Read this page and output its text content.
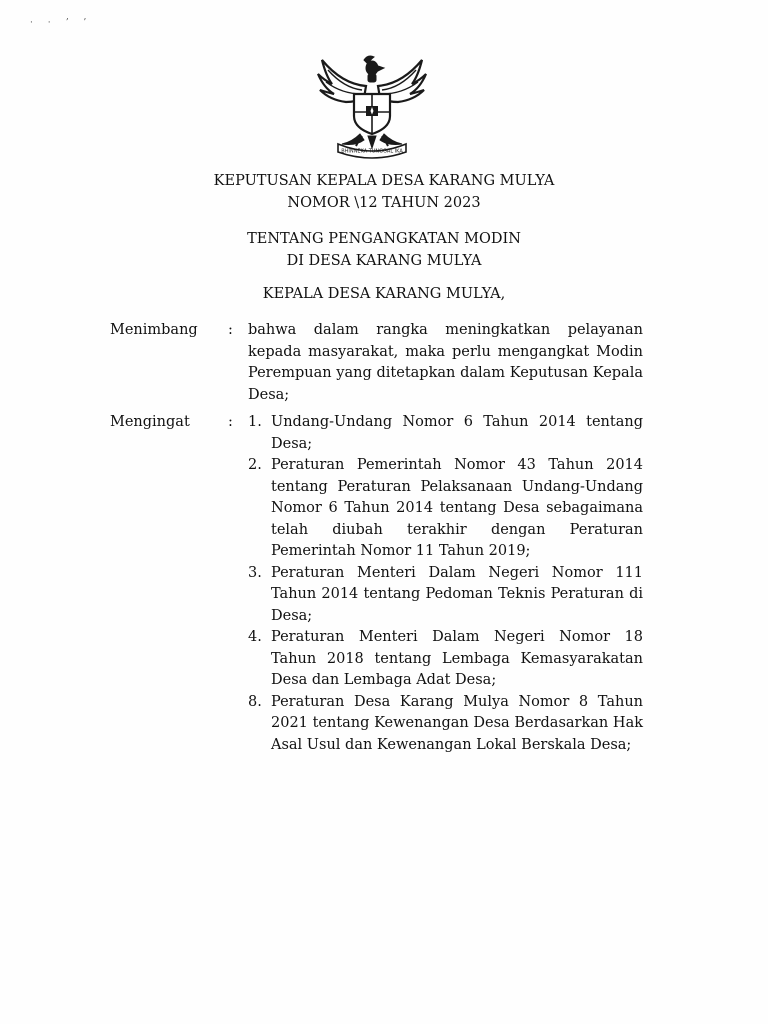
· · ʼ ʼ
BHINNEKA TUNGGAL IKA
KEPUTUSAN KEPALA DESA KARANG MULYA
NOMOR \12 TAHUN 2023
TENTANG PENGANGKATAN MODIN
DI DESA KARANG MULYA
KEPALA DESA KARANG MULYA,
Menimbang : bahwa dalam rangka meningkatkan pelayanan kepada masyarakat, maka perlu mengangkat Modin Perempuan yang ditetapkan dalam Keputusan Kepala Desa;
Mengingat	: 1. Undang-Undang Nomor 6 Tahun 2014 tentang Desa;
2. Peraturan Pemerintah Nomor 43 Tahun 2014 tentang Peraturan Pelaksanaan Undang-Undang Nomor 6 Tahun 2014 tentang Desa sebagaimana telah diubah terakhir dengan Peraturan Pemerintah Nomor 11 Tahun 2019;
3. Peraturan Menteri Dalam Negeri Nomor 111 Tahun 2014 tentang Pedoman Teknis Peraturan di Desa;
4. Peraturan Menteri Dalam Negeri Nomor 18 Tahun 2018 tentang Lembaga Kemasyarakatan Desa dan Lembaga Adat Desa;
8. Peraturan Desa Karang Mulya Nomor 8 Tahun 2021 tentang Kewenangan Desa Berdasarkan Hak Asal Usul dan Kewenangan Lokal Berskala Desa;
